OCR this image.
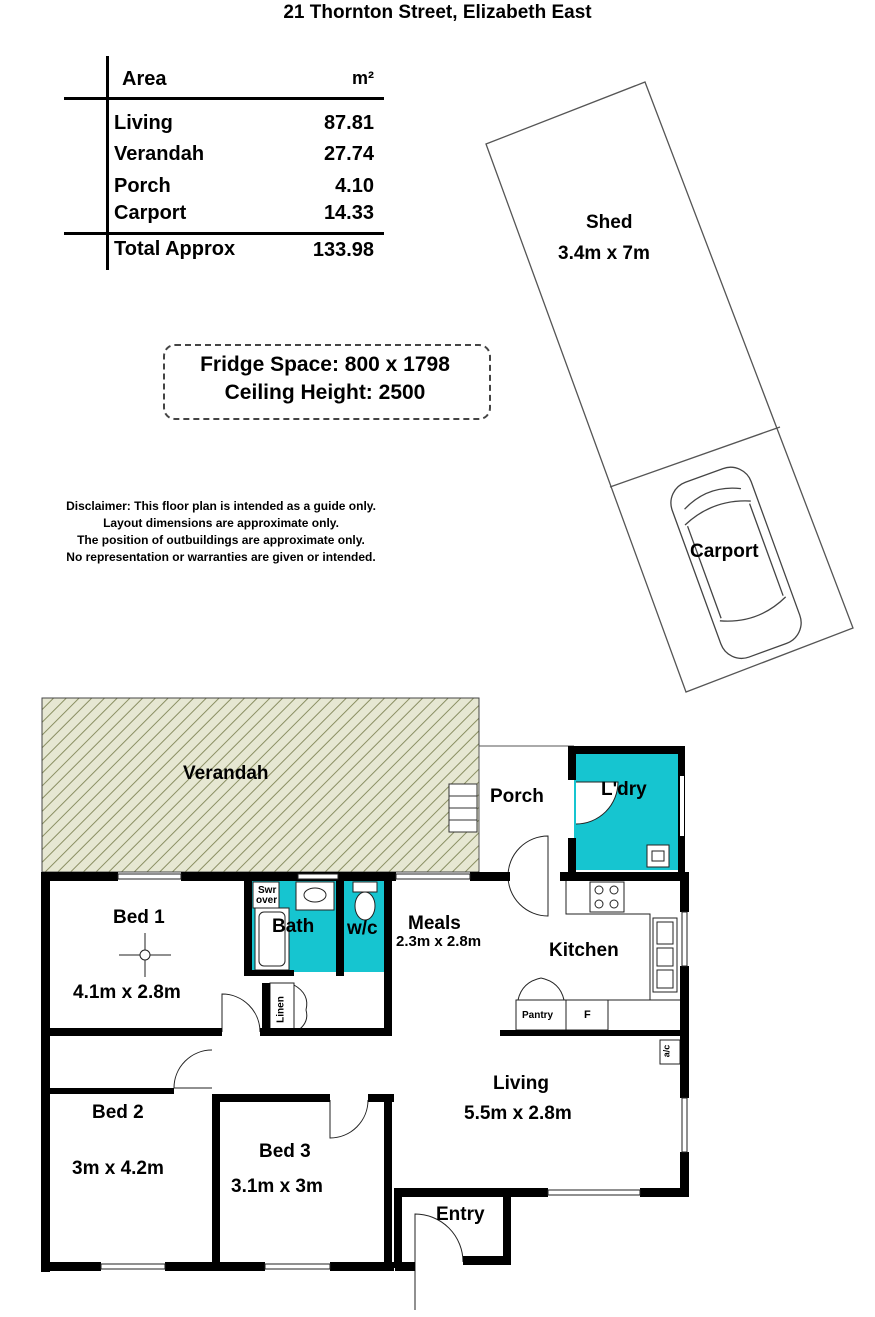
21 Thornton Street, Elizabeth East
Area	m²
Living	87.81
Verandah	27.74
Porch	4.10
Carport	14.33
Total Approx	133.98
Fridge Space: 800 x 1798
Ceiling Height: 2500
Disclaimer: This floor plan is intended as a guide only.
Layout dimensions are approximate only.
The position of outbuildings are approximate only.
No representation or warranties are given or intended.
Shed
3.4m x 7m
Carport
Verandah
Porch	L'dry
Bed 1
4.1m x 2.8m
Swr
over
Bath w/c Meals
2.3m x 2.8m	Kitchen
Linen	Pantry	F
a/c
Living
5.5m x 2.8m
Bed 2
3m x 4.2m
Bed 3
3.1m x 3m
Entry
